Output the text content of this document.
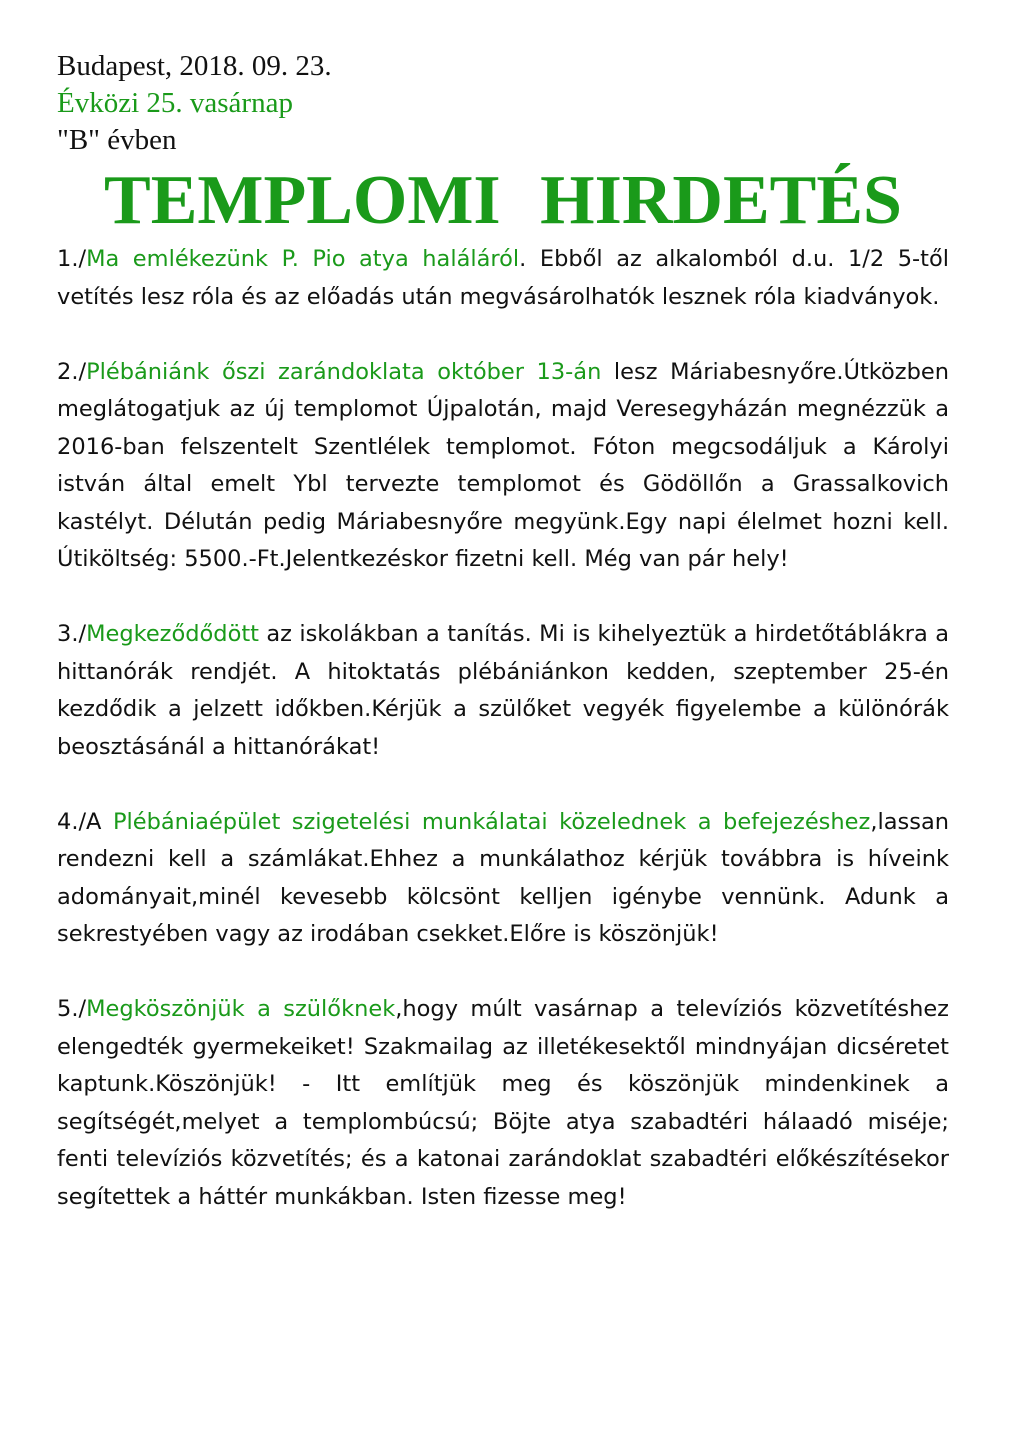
Budapest, 2018. 09. 23.

Évközi 25. vasárnap

"B" évben

TEMPLOMI HIRDETÉS

1./Ma emlékezünk P. Pio atya haláláról. Ebből az alkalomból d.u. 1/2 5-től vetítés lesz róla és az előadás után megvásárolhatók lesznek róla kiadványok.

2./Plébániánk őszi zarándoklata október 13-án lesz Máriabesnyőre.Útközben meglátogatjuk az új templomot Újpalotán, majd Veresegyházán megnézzük a 2016-ban felszentelt Szentlélek templomot. Fóton megcsodáljuk a Károlyi istván által emelt Ybl tervezte templomot és Gödöllőn a Grassalkovich kastélyt. Délután pedig Máriabesnyőre megyünk.Egy napi élelmet hozni kell. Útiköltség: 5500.-Ft.Jelentkezéskor fizetni kell. Még van pár hely!

3./Megkeződődött az iskolákban a tanítás. Mi is kihelyeztük a hirdetőtáblákra a hittanórák rendjét. A hitoktatás plébániánkon kedden, szeptember 25-én kezdődik a jelzett időkben.Kérjük a szülőket vegyék figyelembe a különórák beosztásánál a hittanórákat!

4./A Plébániaépület szigetelési munkálatai közelednek a befejezéshez,lassan rendezni kell a számlákat.Ehhez a munkálathoz kérjük továbbra is híveink adományait,minél kevesebb kölcsönt kelljen igénybe vennünk. Adunk a sekrestyében vagy az irodában csekket.Előre is köszönjük!

5./Megköszönjük a szülőknek,hogy múlt vasárnap a televíziós közvetítéshez elengedték gyermekeiket! Szakmailag az illetékesektől mindnyájan dicséretet kaptunk.Köszönjük! - Itt említjük meg és köszönjük mindenkinek a segítségét,melyet a templombúcsú; Böjte atya szabadtéri hálaadó miséje; fenti televíziós közvetítés; és a katonai zarándoklat szabadtéri előkészítésekor segítettek a háttér munkákban. Isten fizesse meg!
